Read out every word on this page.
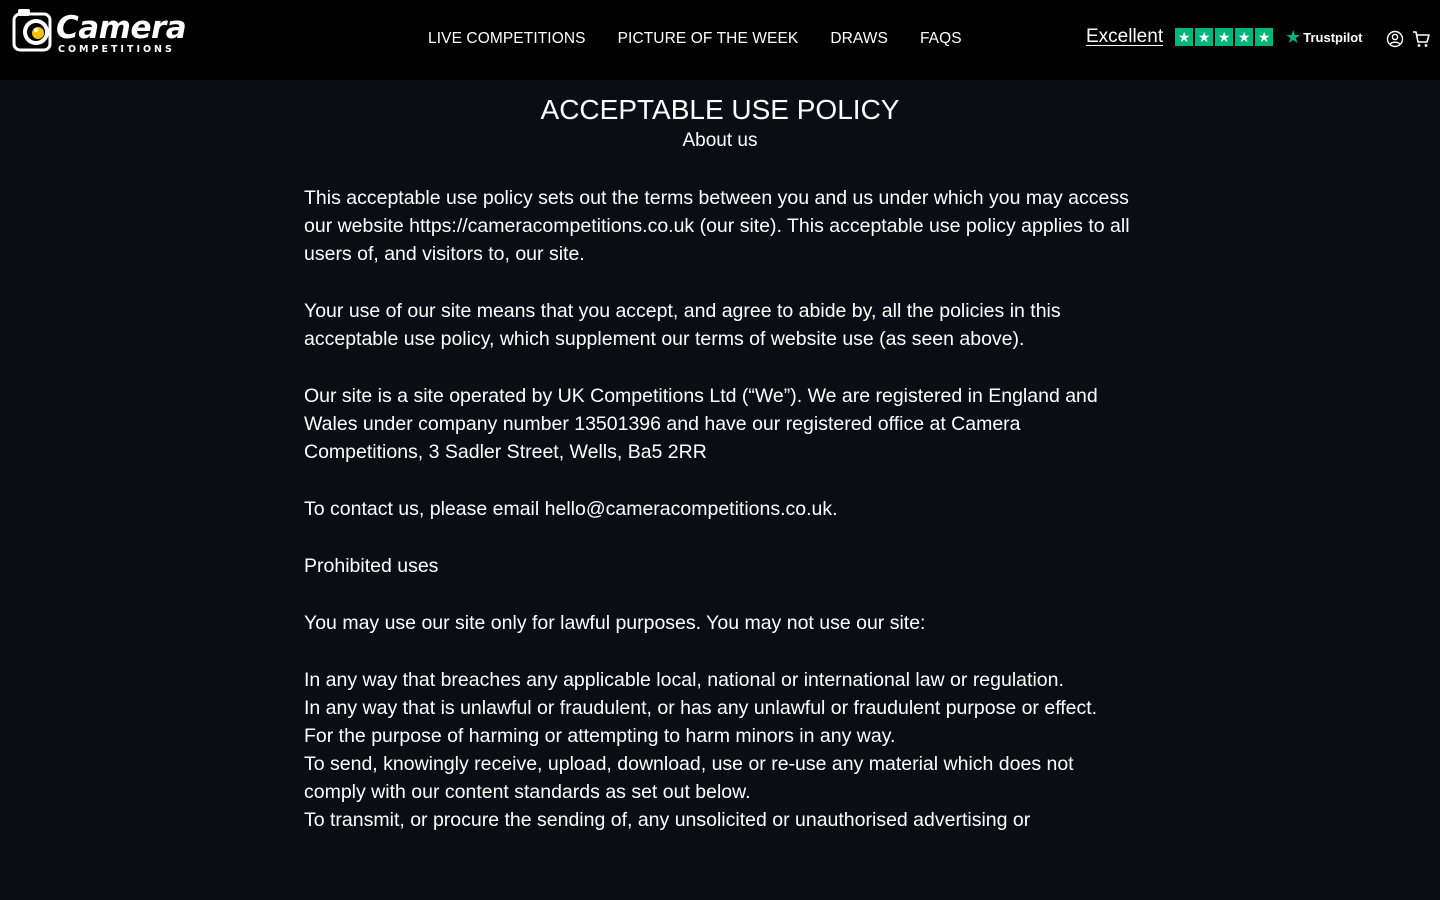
Camera
COMPETITIONS
LIVE COMPETITIONS PICTURE OF THE WEEK DRAWS FAQS	Excellent ★ ★ ★ ★ ★ ★ Trustpilot
ACCEPTABLE USE POLICY

About us

This acceptable use policy sets out the terms between you and us under which you may access our website https://cameracompetitions.co.uk (our site). This acceptable use policy applies to all users of, and visitors to, our site.

Your use of our site means that you accept, and agree to abide by, all the policies in this acceptable use policy, which supplement our terms of website use (as seen above).

Our site is a site operated by UK Competitions Ltd (“We”). We are registered in England and Wales under company number 13501396 and have our registered office at Camera Competitions, 3 Sadler Street, Wells, Ba5 2RR

To contact us, please email hello@cameracompetitions.co.uk.

Prohibited uses

You may use our site only for lawful purposes. You may not use our site:

In any way that breaches any applicable local, national or international law or regulation.
In any way that is unlawful or fraudulent, or has any unlawful or fraudulent purpose or effect.
For the purpose of harming or attempting to harm minors in any way.
To send, knowingly receive, upload, download, use or re-use any material which does not comply with our content standards as set out below.
To transmit, or procure the sending of, any unsolicited or unauthorised advertising or
